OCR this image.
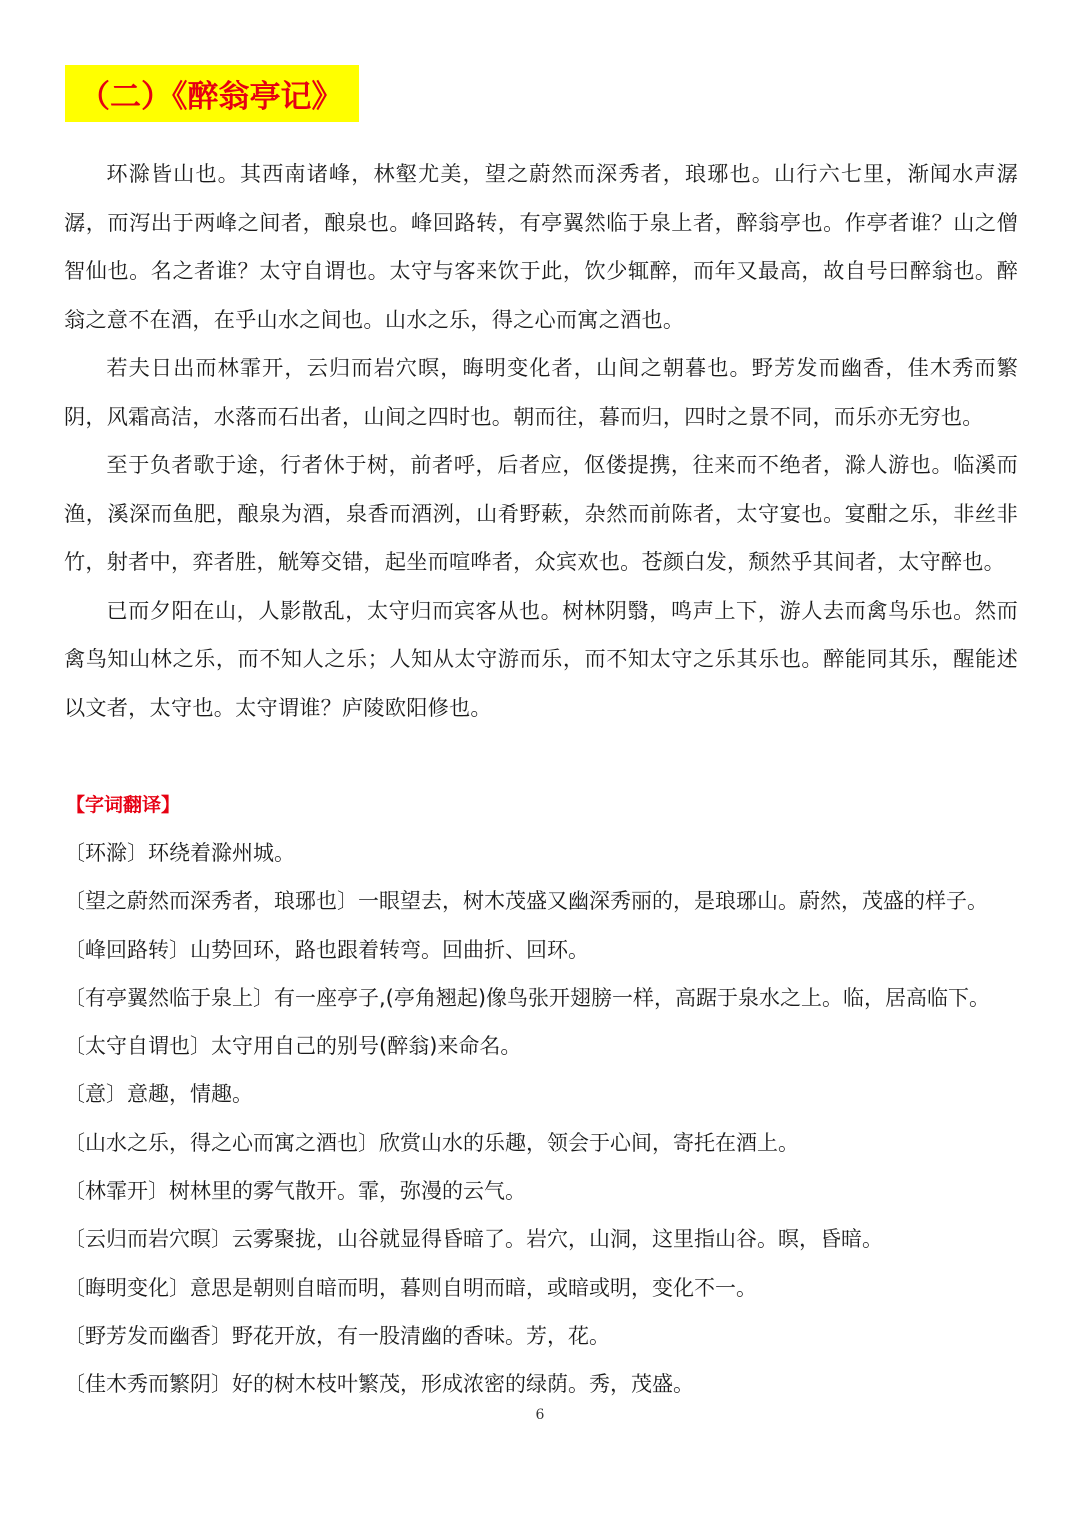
（二）《醉翁亭记》

环滁皆山也。其西南诸峰，林壑尤美，望之蔚然而深秀者，琅琊也。山行六七里，渐闻水声潺潺，而泻出于两峰之间者，酿泉也。峰回路转，有亭翼然临于泉上者，醉翁亭也。作亭者谁？山之僧智仙也。名之者谁？太守自谓也。太守与客来饮于此，饮少辄醉，而年又最高，故自号曰醉翁也。醉翁之意不在酒，在乎山水之间也。山水之乐，得之心而寓之酒也。

若夫日出而林霏开，云归而岩穴暝，晦明变化者，山间之朝暮也。野芳发而幽香，佳木秀而繁阴，风霜高洁，水落而石出者，山间之四时也。朝而往，暮而归，四时之景不同，而乐亦无穷也。

至于负者歌于途，行者休于树，前者呼，后者应，伛偻提携，往来而不绝者，滁人游也。临溪而渔，溪深而鱼肥，酿泉为酒，泉香而酒洌，山肴野蔌，杂然而前陈者，太守宴也。宴酣之乐，非丝非竹，射者中，弈者胜，觥筹交错，起坐而喧哗者，众宾欢也。苍颜白发，颓然乎其间者，太守醉也。

已而夕阳在山，人影散乱，太守归而宾客从也。树林阴翳，鸣声上下，游人去而禽鸟乐也。然而禽鸟知山林之乐，而不知人之乐；人知从太守游而乐，而不知太守之乐其乐也。醉能同其乐，醒能述以文者，太守也。太守谓谁？庐陵欧阳修也。

【字词翻译】
〔环滁〕环绕着滁州城。
〔望之蔚然而深秀者，琅琊也〕一眼望去，树木茂盛又幽深秀丽的，是琅琊山。蔚然，茂盛的样子。
〔峰回路转〕山势回环，路也跟着转弯。回曲折、回环。
〔有亭翼然临于泉上〕有一座亭子,(亭角翘起)像鸟张开翅膀一样，高踞于泉水之上。临，居高临下。
〔太守自谓也〕太守用自己的别号(醉翁)来命名。
〔意〕意趣，情趣。
〔山水之乐，得之心而寓之酒也〕欣赏山水的乐趣，领会于心间，寄托在酒上。
〔林霏开〕树林里的雾气散开。霏，弥漫的云气。
〔云归而岩穴暝〕云雾聚拢，山谷就显得昏暗了。岩穴，山洞，这里指山谷。暝，昏暗。
〔晦明变化〕意思是朝则自暗而明，暮则自明而暗，或暗或明，变化不一。
〔野芳发而幽香〕野花开放，有一股清幽的香味。芳，花。
〔佳木秀而繁阴〕好的树木枝叶繁茂，形成浓密的绿荫。秀，茂盛。
6
